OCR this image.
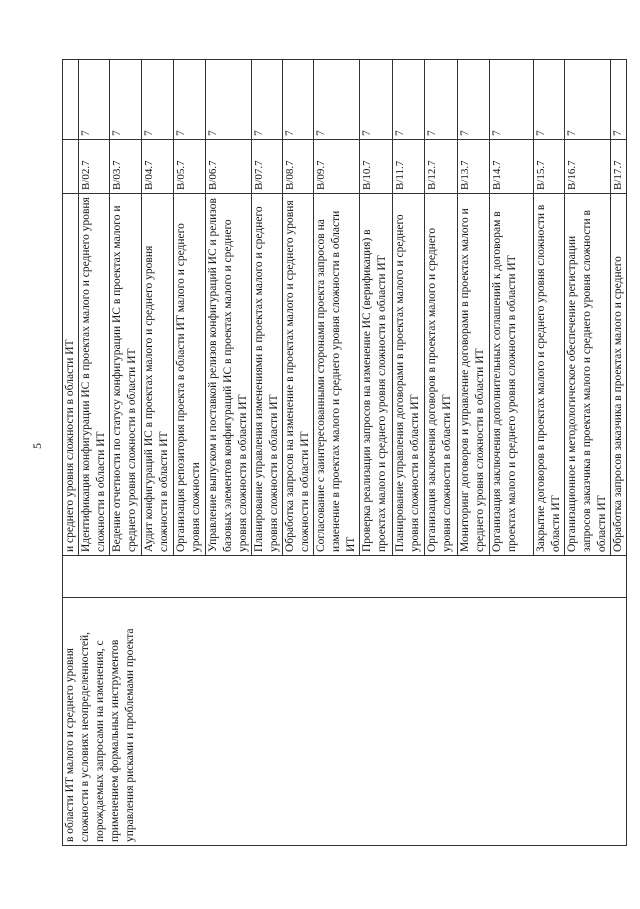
5
в области ИТ малого и среднего уровня сложности в условиях неопределенностей, порождаемых запросами на изменения, с применением формальных инструментов управления рисками и проблемами проекта		и среднего уровня сложности в области ИТ		
		Идентификация конфигурации ИС в проектах малого и среднего уровня сложности в области ИТ	B/02.7	7
		Ведение отчетности по статусу конфигурации ИС в проектах малого и среднего уровня сложности в области ИТ	B/03.7	7
		Аудит конфигураций ИС в проектах малого и среднего уровня сложности в области ИТ	B/04.7	7
		Организация репозитория проекта в области ИТ малого и среднего уровня сложности	B/05.7	7
		Управление выпуском и поставкой релизов конфигураций ИС и релизов базовых элементов конфигураций ИС в проектах малого и среднего уровня сложности в области ИТ	B/06.7	7
		Планирование управления изменениями в проектах малого и среднего уровня сложности в области ИТ	B/07.7	7
		Обработка запросов на изменение в проектах малого и среднего уровня сложности в области ИТ	B/08.7	7
		Согласование с заинтересованными сторонами проекта запросов на изменение в проектах малого и среднего уровня сложности в области ИТ	B/09.7	7
		Проверка реализации запросов на изменение ИС (верификация) в проектах малого и среднего уровня сложности в области ИТ	B/10.7	7
		Планирование управления договорами в проектах малого и среднего уровня сложности в области ИТ	B/11.7	7
		Организация заключения договоров в проектах малого и среднего уровня сложности в области ИТ	B/12.7	7
		Мониторинг договоров и управление договорами в проектах малого и среднего уровня сложности в области ИТ	B/13.7	7
		Организация заключения дополнительных соглашений к договорам в проектах малого и среднего уровня сложности в области ИТ	B/14.7	7
		Закрытие договоров в проектах малого и среднего уровня сложности в области ИТ	B/15.7	7
		Организационное и методологическое обеспечение регистрации запросов заказчика в проектах малого и среднего уровня сложности в области ИТ	B/16.7	7
		Обработка запросов заказчика в проектах малого и среднего	B/17.7	7
